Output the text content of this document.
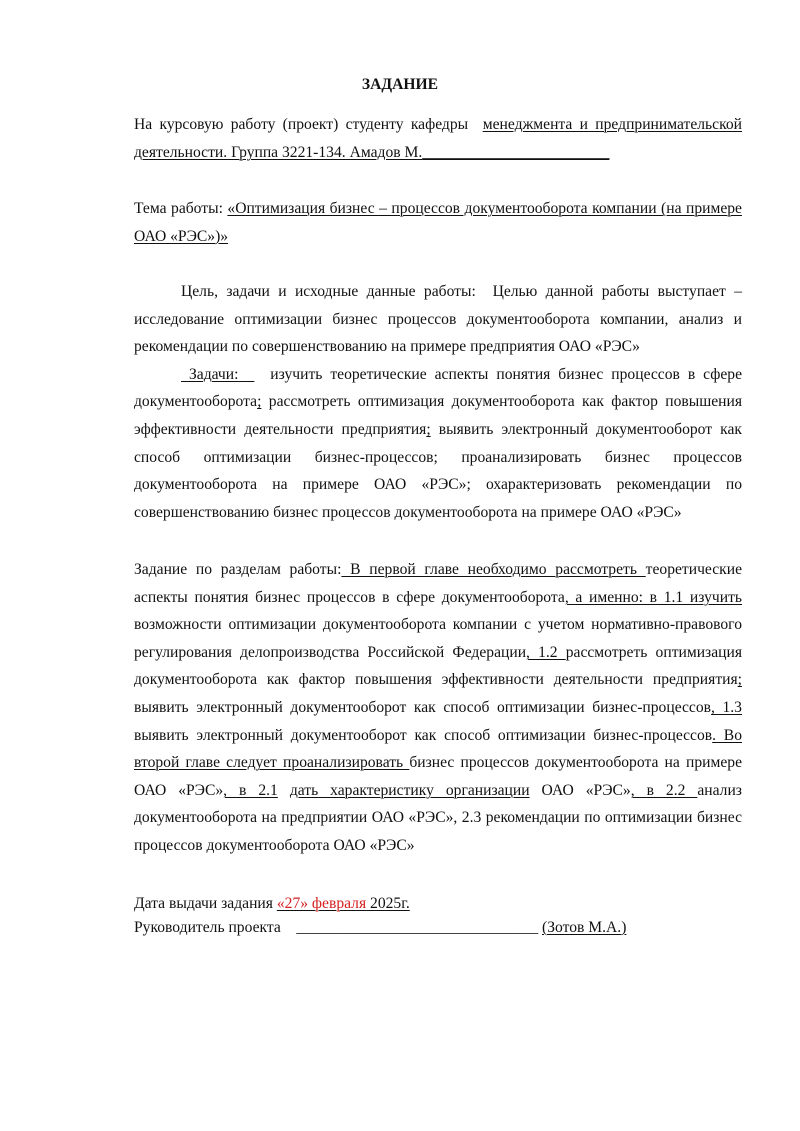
ЗАДАНИЕ

На курсовую работу (проект) студенту кафедры менеджмента и предпринимательской деятельности. Группа 3221-134. Амадов М.________________________

Тема работы: «Оптимизация бизнес – процессов документооборота компании (на примере ОАО «РЭС»)»

Цель, задачи и исходные данные работы: Целью данной работы выступает – исследование оптимизации бизнес процессов документооборота компании, анализ и рекомендации по совершенствованию на примере предприятия ОАО «РЭС»

Задачи: изучить теоретические аспекты понятия бизнес процессов в сфере документооборота; рассмотреть оптимизация документооборота как фактор повышения эффективности деятельности предприятия; выявить электронный документооборот как способ оптимизации бизнес-процессов; проанализировать бизнес процессов документооборота на примере ОАО «РЭС»; охарактеризовать рекомендации по совершенствованию бизнес процессов документооборота на примере ОАО «РЭС»

Задание по разделам работы: В первой главе необходимо рассмотреть теоретические аспекты понятия бизнес процессов в сфере документооборота, а именно: в 1.1 изучить возможности оптимизации документооборота компании с учетом нормативно-правового регулирования делопроизводства Российской Федерации, 1.2 рассмотреть оптимизация документооборота как фактор повышения эффективности деятельности предприятия; выявить электронный документооборот как способ оптимизации бизнес-процессов, 1.3 выявить электронный документооборот как способ оптимизации бизнес-процессов. Во второй главе следует проанализировать бизнес процессов документооборота на примере ОАО «РЭС», в 2.1 дать характеристику организации ОАО «РЭС», в 2.2 анализ документооборота на предприятии ОАО «РЭС», 2.3 рекомендации по оптимизации бизнес процессов документооборота ОАО «РЭС»

Дата выдачи задания «27» февраля 2025г.

Руководитель проекта _______________________________ (Зотов М.А.)
